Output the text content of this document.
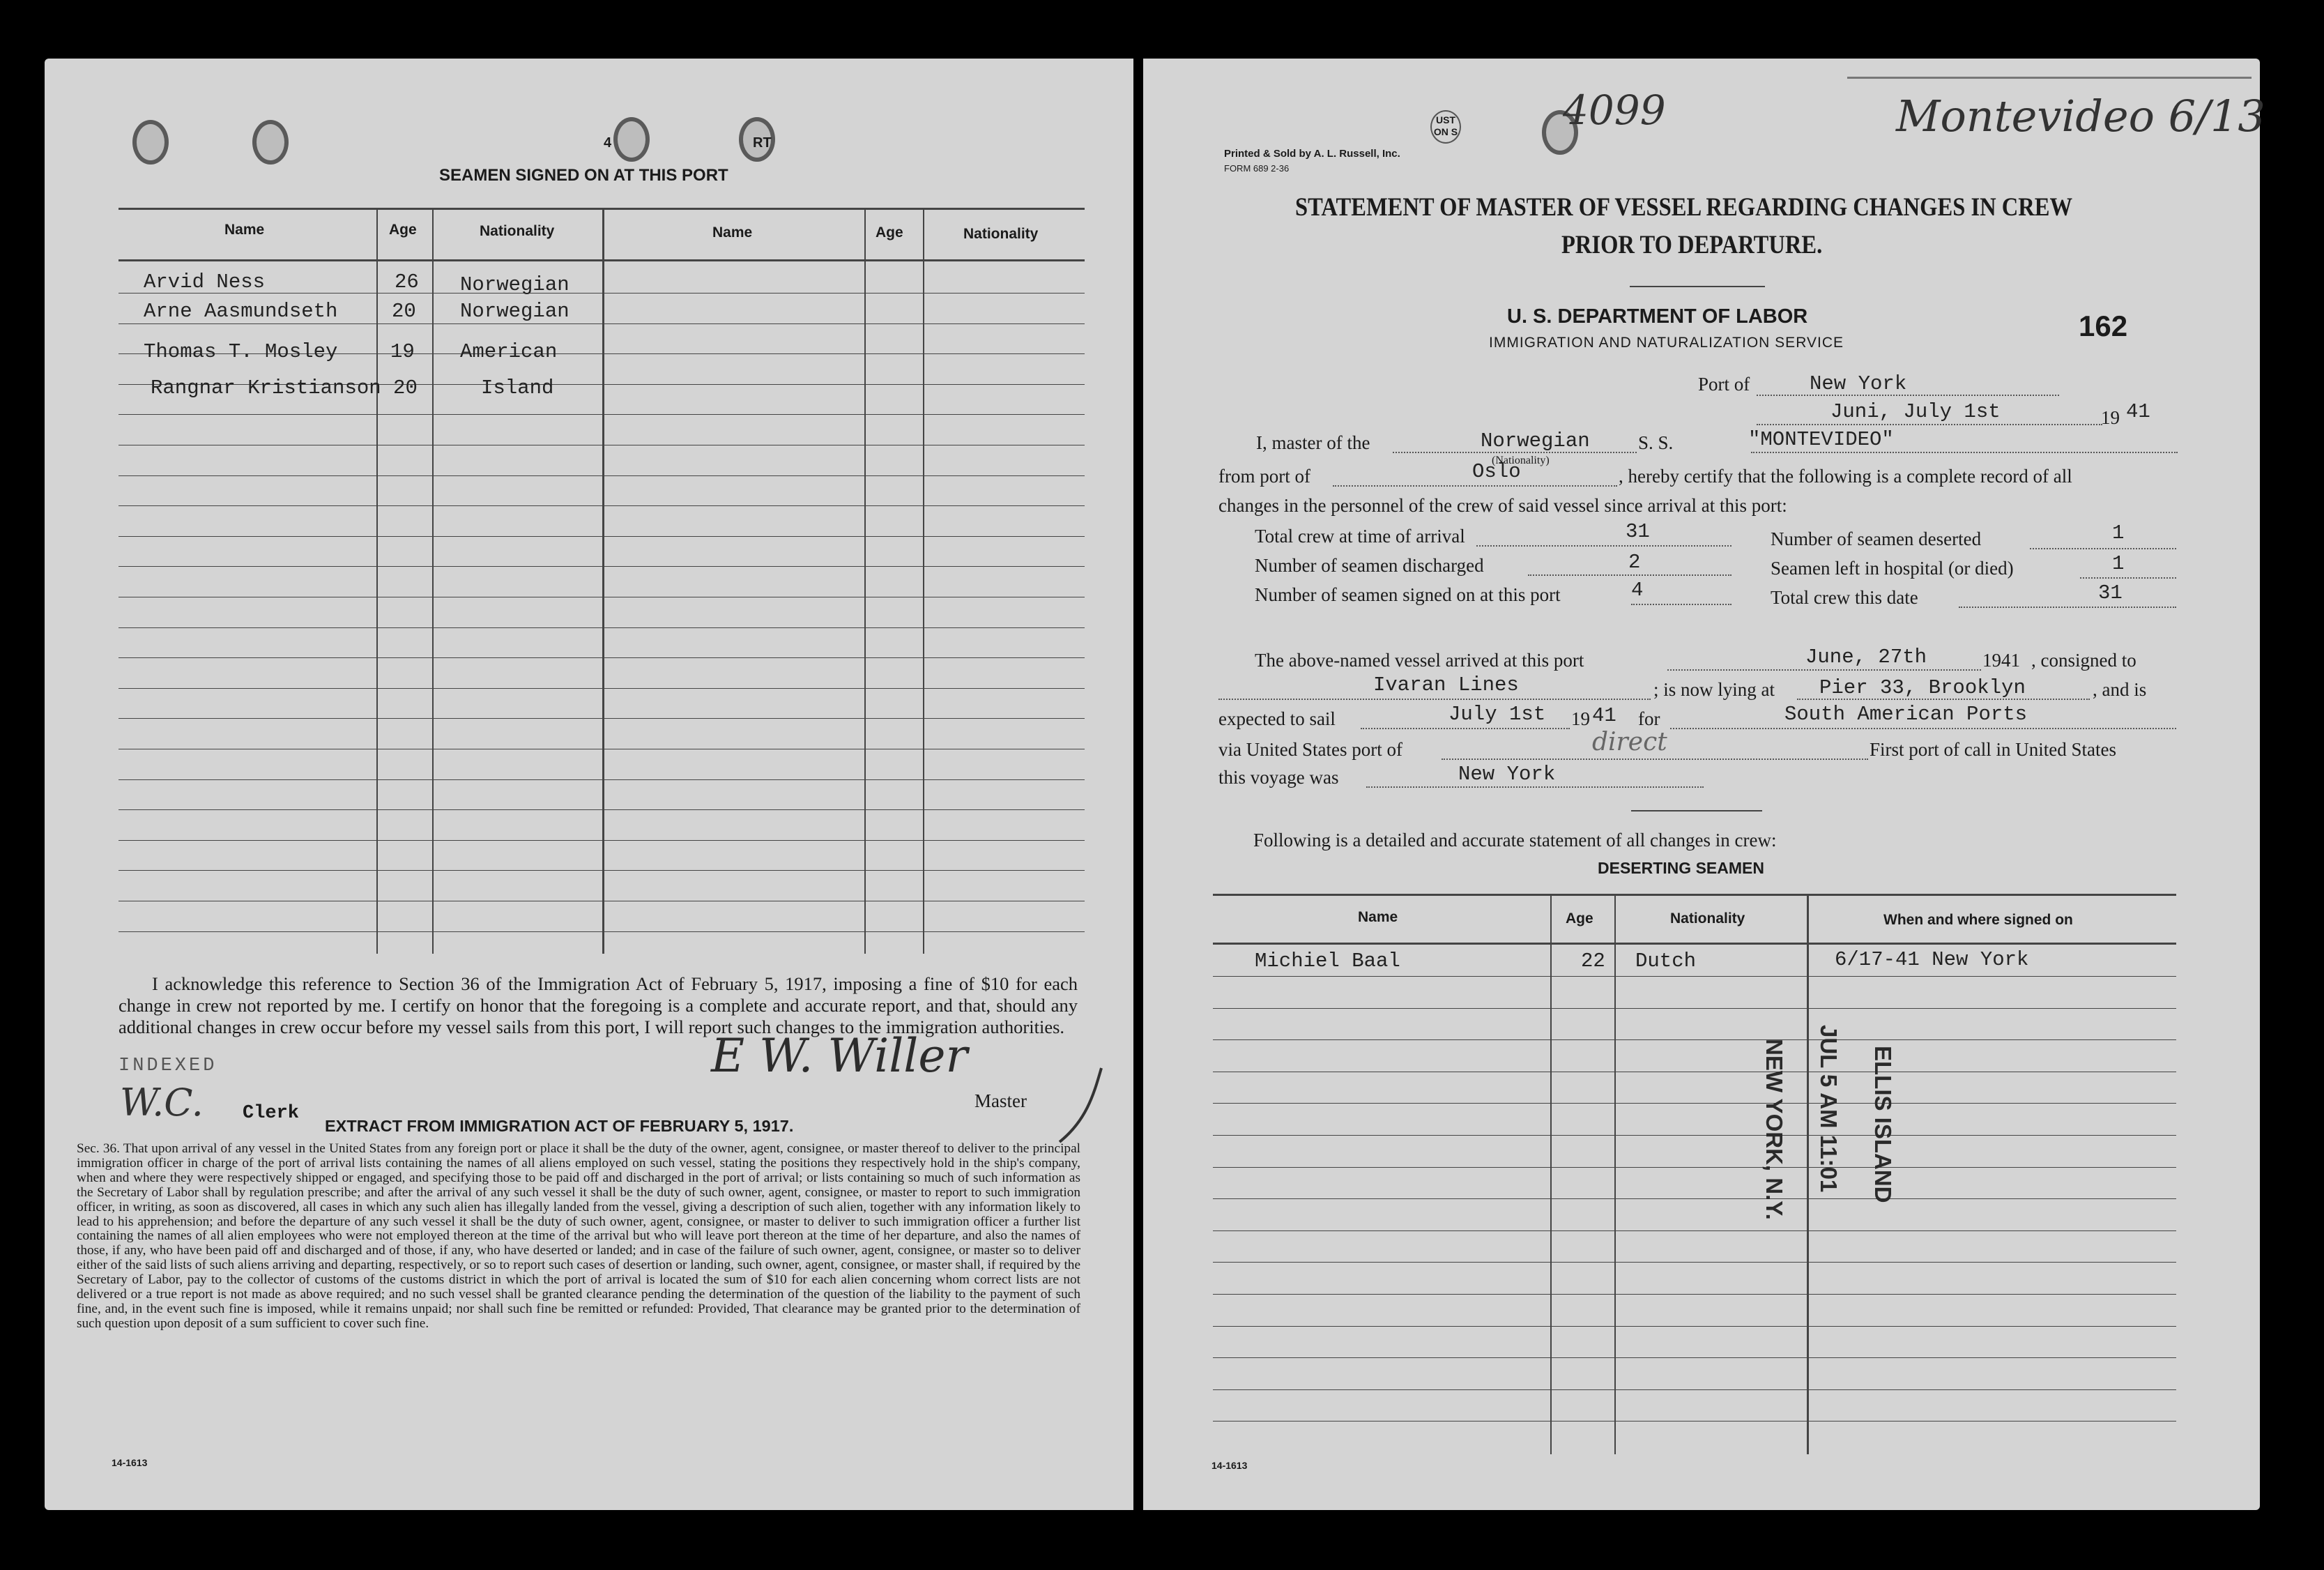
4	RT
SEAMEN SIGNED ON AT THIS PORT
Name	Age	Nationality	Name	Age	Nationality
Arvid Ness	26 Norwegian
Arne Aasmundseth	20 Norwegian
Thomas T. Mosley	19 American
Rangnar Kristianson 20	Island
I acknowledge this reference to Section 36 of the Immigration Act of February 5, 1917, imposing a fine of $10 for each change in crew not reported by me. I certify on honor that the foregoing is a complete and accurate report, and that, should any additional changes in crew occur before my vessel sails from this port, I will report such changes to the immigration authorities.
INDEXED	E W. Willer
W.C. Clerk
Master
EXTRACT FROM IMMIGRATION ACT OF FEBRUARY 5, 1917.
Sec. 36. That upon arrival of any vessel in the United States from any foreign port or place it shall be the duty of the owner, agent, consignee, or master thereof to deliver to the principal immigration officer in charge of the port of arrival lists containing the names of all aliens employed on such vessel, stating the positions they respectively hold in the ship's company, when and where they were respectively shipped or engaged, and specifying those to be paid off and discharged in the port of arrival; or lists containing so much of such information as the Secretary of Labor shall by regulation prescribe; and after the arrival of any such vessel it shall be the duty of such owner, agent, consignee, or master to report to such immigration officer, in writing, as soon as discovered, all cases in which any such alien has illegally landed from the vessel, giving a description of such alien, together with any information likely to lead to his apprehension; and before the departure of any such vessel it shall be the duty of such owner, agent, consignee, or master to deliver to such immigration officer a further list containing the names of all alien employees who were not employed thereon at the time of the arrival but who will leave port thereon at the time of her departure, and also the names of those, if any, who have been paid off and discharged and of those, if any, who have deserted or landed; and in case of the failure of such owner, agent, consignee, or master so to deliver either of the said lists of such aliens arriving and departing, respectively, or so to report such cases of desertion or landing, such owner, agent, consignee, or master shall, if required by the Secretary of Labor, pay to the collector of customs of the customs district in which the port of arrival is located the sum of $10 for each alien concerning whom correct lists are not delivered or a true report is not made as above required; and no such vessel shall be granted clearance pending the determination of the question of the liability to the payment of such fine, and, in the event such fine is imposed, while it remains unpaid; nor shall such fine be remitted or refunded: Provided, That clearance may be granted prior to the determination of such question upon deposit of a sum sufficient to cover such fine.
14-1613
Printed & Sold by A. L. Russell, Inc.
FORM 689 2-36
UST
ON S	4099	Montevideo 6/13
STATEMENT OF MASTER OF VESSEL REGARDING CHANGES IN CREW
PRIOR TO DEPARTURE.
U. S. DEPARTMENT OF LABOR
IMMIGRATION AND NATURALIZATION SERVICE
162
Port of	New York
Juni, July 1st	19 41
I, master of the	Norwegian
(Nationality)
S. S.	"MONTEVIDEO"
from port of	Oslo	, hereby certify that the following is a complete record of all
changes in the personnel of the crew of said vessel since arrival at this port:
Total crew at time of arrival	31
Number of seamen discharged	2
Number of seamen signed on at this port	4
Number of seamen deserted	1
Seamen left in hospital (or died)	1
Total crew this date	31
The above-named vessel arrived at this port	June, 27th	1941 , consigned to
Ivaran Lines	; is now lying at Pier 33, Brooklyn	, and is
expected to sail	July 1st 19 41 for	South American Ports
via United States port of	direct	First port of call in United States
this voyage was	New York
Following is a detailed and accurate statement of all changes in crew:
DESERTING SEAMEN
Name	Age	Nationality	When and where signed on
Michiel Baal	22 Dutch	6/17-41 New York
ELLIS ISLAND
JUL 5 AM 11:01
NEW YORK, N.Y.
14-1613
